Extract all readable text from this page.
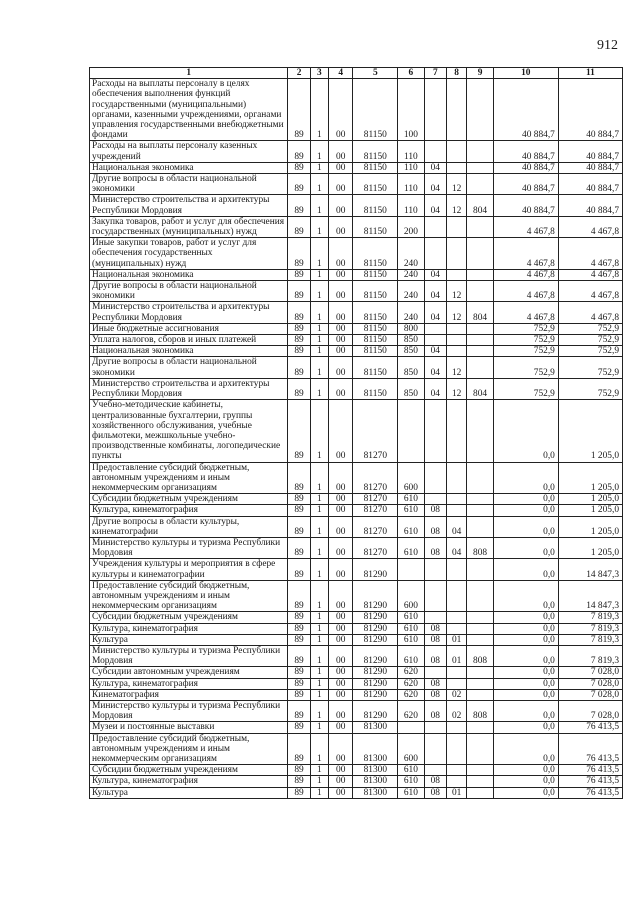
912
1	2	3	4	5	6	7	8	9	10	11
Расходы на выплаты персоналу в целях обеспечения выполнения функций государственными (муниципальными) органами, казенными учреждениями, органами управления государственными внебюджетными фондами	89	1	00	81150	100				40 884,7	40 884,7
Расходы на выплаты персоналу казенных учреждений	89	1	00	81150	110				40 884,7	40 884,7
Национальная экономика	89	1	00	81150	110	04			40 884,7	40 884,7
Другие вопросы в области национальной экономики	89	1	00	81150	110	04	12		40 884,7	40 884,7
Министерство строительства и архитектуры Республики Мордовия	89	1	00	81150	110	04	12	804	40 884,7	40 884,7
Закупка товаров, работ и услуг для обеспечения государственных (муниципальных) нужд	89	1	00	81150	200				4 467,8	4 467,8
Иные закупки товаров, работ и услуг для обеспечения государственных (муниципальных) нужд	89	1	00	81150	240				4 467,8	4 467,8
Национальная экономика	89	1	00	81150	240	04			4 467,8	4 467,8
Другие вопросы в области национальной экономики	89	1	00	81150	240	04	12		4 467,8	4 467,8
Министерство строительства и архитектуры Республики Мордовия	89	1	00	81150	240	04	12	804	4 467,8	4 467,8
Иные бюджетные ассигнования	89	1	00	81150	800				752,9	752,9
Уплата налогов, сборов и иных платежей	89	1	00	81150	850				752,9	752,9
Национальная экономика	89	1	00	81150	850	04			752,9	752,9
Другие вопросы в области национальной экономики	89	1	00	81150	850	04	12		752,9	752,9
Министерство строительства и архитектуры Республики Мордовия	89	1	00	81150	850	04	12	804	752,9	752,9
Учебно-методические кабинеты, централизованные бухгалтерии, группы хозяйственного обслуживания, учебные фильмотеки, межшкольные учебно-производственные комбинаты, логопедические пункты	89	1	00	81270					0,0	1 205,0
Предоставление субсидий бюджетным, автономным учреждениям и иным некоммерческим организациям	89	1	00	81270	600				0,0	1 205,0
Субсидии бюджетным учреждениям	89	1	00	81270	610				0,0	1 205,0
Культура, кинематография	89	1	00	81270	610	08			0,0	1 205,0
Другие вопросы в области культуры, кинематографии	89	1	00	81270	610	08	04		0,0	1 205,0
Министерство культуры и туризма Республики Мордовия	89	1	00	81270	610	08	04	808	0,0	1 205,0
Учреждения культуры и мероприятия в сфере культуры и кинематографии	89	1	00	81290					0,0	14 847,3
Предоставление субсидий бюджетным, автономным учреждениям и иным некоммерческим организациям	89	1	00	81290	600				0,0	14 847,3
Субсидии бюджетным учреждениям	89	1	00	81290	610				0,0	7 819,3
Культура, кинематография	89	1	00	81290	610	08			0,0	7 819,3
Культура	89	1	00	81290	610	08	01		0,0	7 819,3
Министерство культуры и туризма Республики Мордовия	89	1	00	81290	610	08	01	808	0,0	7 819,3
Субсидии автономным учреждениям	89	1	00	81290	620				0,0	7 028,0
Культура, кинематография	89	1	00	81290	620	08			0,0	7 028,0
Кинематография	89	1	00	81290	620	08	02		0,0	7 028,0
Министерство культуры и туризма Республики Мордовия	89	1	00	81290	620	08	02	808	0,0	7 028,0
Музеи и постоянные выставки	89	1	00	81300					0,0	76 413,5
Предоставление субсидий бюджетным, автономным учреждениям и иным некоммерческим организациям	89	1	00	81300	600				0,0	76 413,5
Субсидии бюджетным учреждениям	89	1	00	81300	610				0,0	76 413,5
Культура, кинематография	89	1	00	81300	610	08			0,0	76 413,5
Культура	89	1	00	81300	610	08	01		0,0	76 413,5
